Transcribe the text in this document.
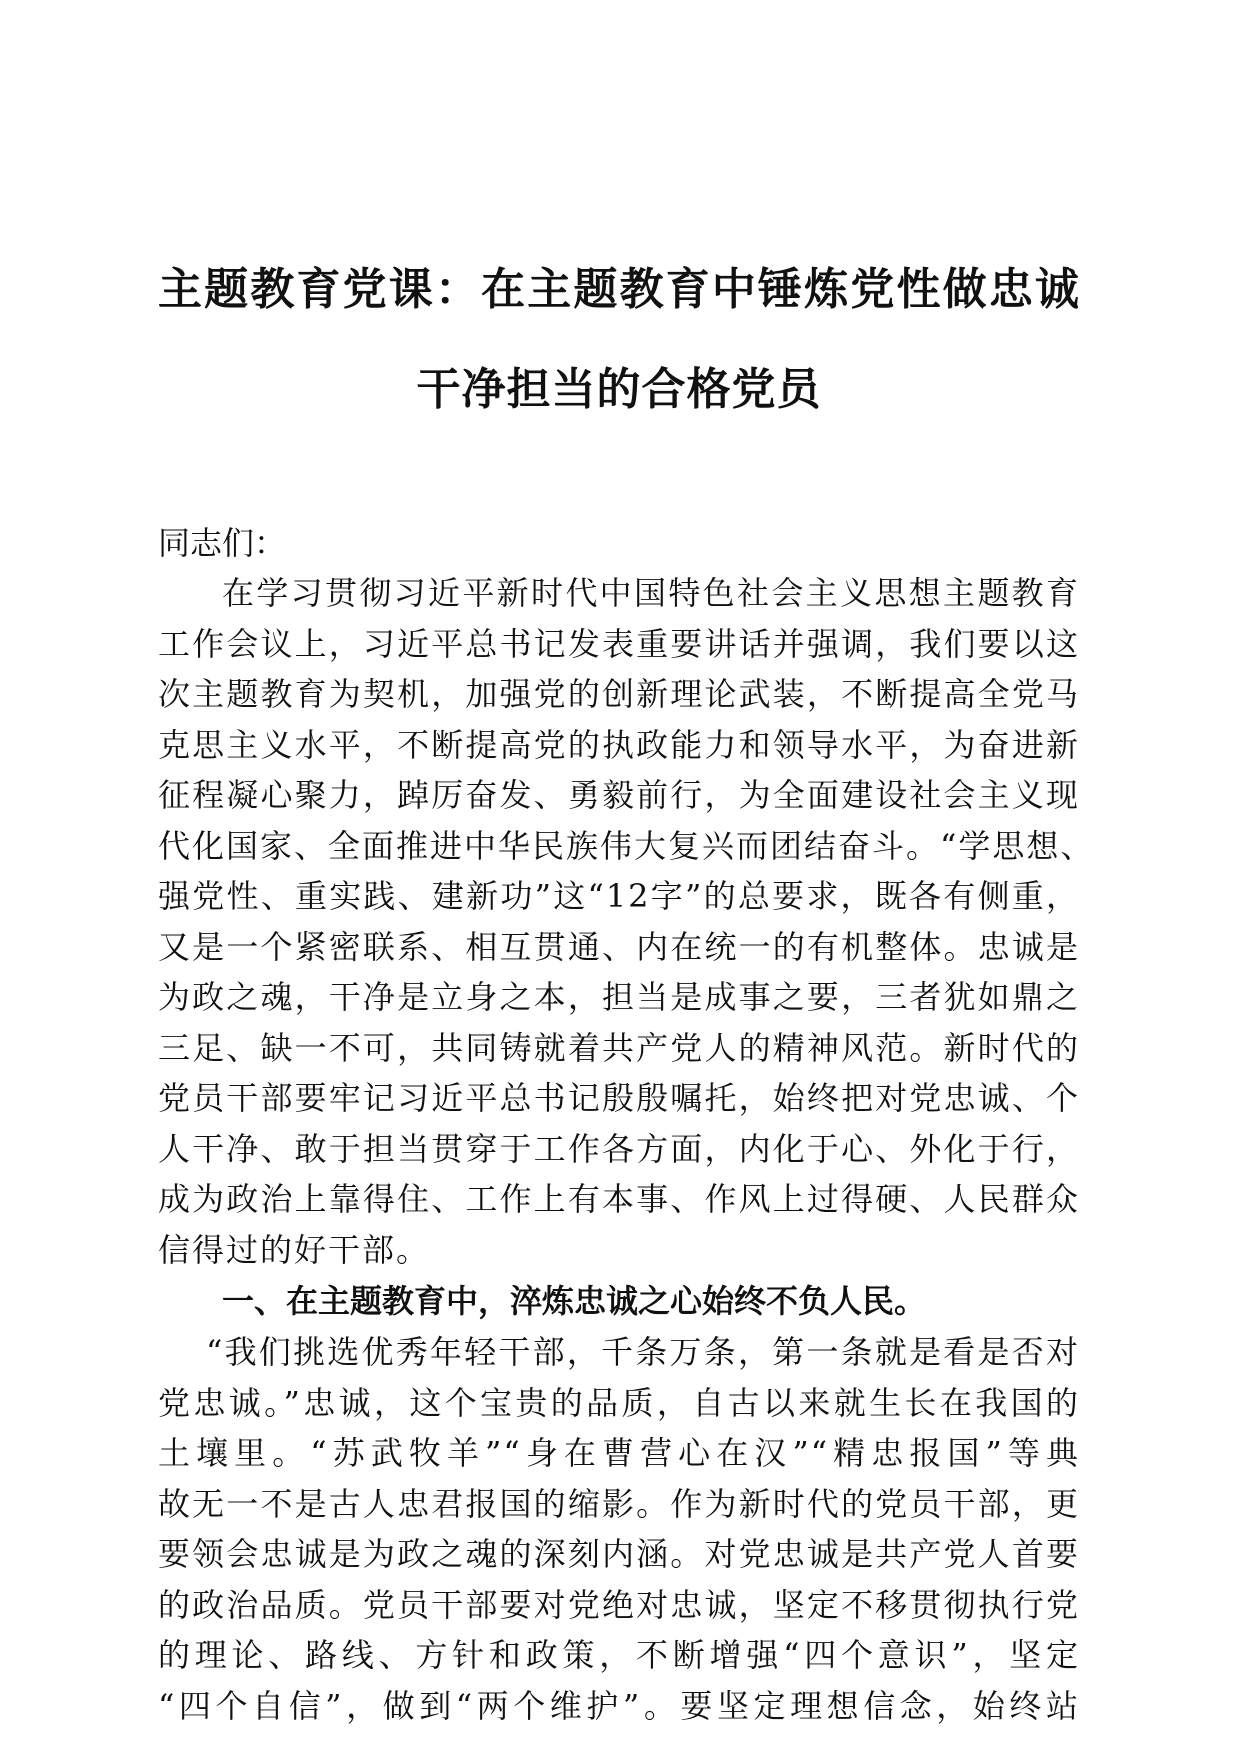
主题教育党课：在主题教育中锤炼党性做忠诚
干净担当的合格党员
同志们：
在学习贯彻习近平新时代中国特色社会主义思想主题教育
工作会议上，习近平总书记发表重要讲话并强调，我们要以这
次主题教育为契机，加强党的创新理论武装，不断提高全党马
克思主义水平，不断提高党的执政能力和领导水平，为奋进新
征程凝心聚力，踔厉奋发、勇毅前行，为全面建设社会主义现
代化国家、全面推进中华民族伟大复兴而团结奋斗。“学思想、
强党性、重实践、建新功”这“12字”的总要求，既各有侧重，
又是一个紧密联系、相互贯通、内在统一的有机整体。忠诚是
为政之魂，干净是立身之本，担当是成事之要，三者犹如鼎之
三足、缺一不可，共同铸就着共产党人的精神风范。新时代的
党员干部要牢记习近平总书记殷殷嘱托，始终把对党忠诚、个
人干净、敢于担当贯穿于工作各方面，内化于心、外化于行，
成为政治上靠得住、工作上有本事、作风上过得硬、人民群众
信得过的好干部。
一、在主题教育中，淬炼忠诚之心始终不负人民。
“我们挑选优秀年轻干部，千条万条，第一条就是看是否对
党忠诚。”忠诚，这个宝贵的品质，自古以来就生长在我国的
土壤里。“苏武牧羊”“身在曹营心在汉”“精忠报国”等典
故无一不是古人忠君报国的缩影。作为新时代的党员干部，更
要领会忠诚是为政之魂的深刻内涵。对党忠诚是共产党人首要
的政治品质。党员干部要对党绝对忠诚，坚定不移贯彻执行党
的理论、路线、方针和政策，不断增强“四个意识”，坚定
“四个自信”，做到“两个维护”。要坚定理想信念，始终站
